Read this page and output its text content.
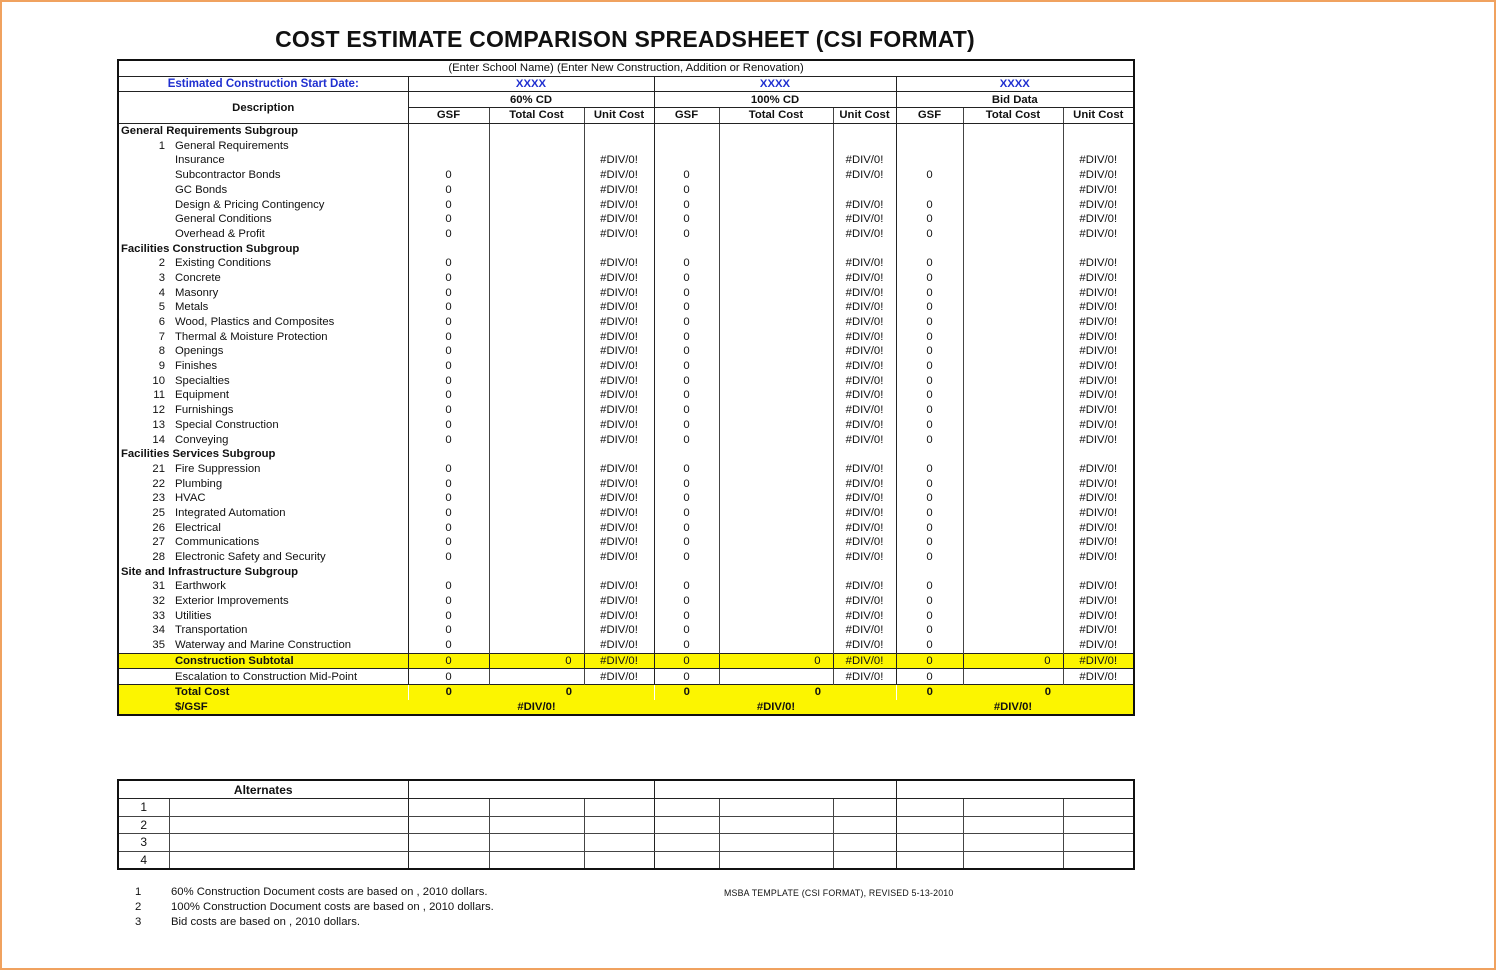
COST ESTIMATE COMPARISON SPREADSHEET (CSI FORMAT)
(Enter School Name) (Enter New Construction, Addition or Renovation)									
Estimated Construction Start Date:	XXXX			XXXX			XXXX		
Description	60% CD			100% CD			Bid Data		
	GSF	Total Cost	Unit Cost	GSF	Total Cost	Unit Cost	GSF	Total Cost	Unit Cost
General Requirements Subgroup									
1 General Requirements									
Insurance			#DIV/0!			#DIV/0!			#DIV/0!
Subcontractor Bonds	0		#DIV/0!	0		#DIV/0!	0		#DIV/0!
GC Bonds	0		#DIV/0!	0					#DIV/0!
Design & Pricing Contingency	0		#DIV/0!	0		#DIV/0!	0		#DIV/0!
General Conditions	0		#DIV/0!	0		#DIV/0!	0		#DIV/0!
Overhead & Profit	0		#DIV/0!	0		#DIV/0!	0		#DIV/0!
Facilities Construction Subgroup									
2 Existing Conditions	0		#DIV/0!	0		#DIV/0!	0		#DIV/0!
3 Concrete	0		#DIV/0!	0		#DIV/0!	0		#DIV/0!
4 Masonry	0		#DIV/0!	0		#DIV/0!	0		#DIV/0!
5 Metals	0		#DIV/0!	0		#DIV/0!	0		#DIV/0!
6 Wood, Plastics and Composites	0		#DIV/0!	0		#DIV/0!	0		#DIV/0!
7 Thermal & Moisture Protection	0		#DIV/0!	0		#DIV/0!	0		#DIV/0!
8 Openings	0		#DIV/0!	0		#DIV/0!	0		#DIV/0!
9 Finishes	0		#DIV/0!	0		#DIV/0!	0		#DIV/0!
10 Specialties	0		#DIV/0!	0		#DIV/0!	0		#DIV/0!
11 Equipment	0		#DIV/0!	0		#DIV/0!	0		#DIV/0!
12 Furnishings	0		#DIV/0!	0		#DIV/0!	0		#DIV/0!
13 Special Construction	0		#DIV/0!	0		#DIV/0!	0		#DIV/0!
14 Conveying	0		#DIV/0!	0		#DIV/0!	0		#DIV/0!
Facilities Services Subgroup									
21 Fire Suppression	0		#DIV/0!	0		#DIV/0!	0		#DIV/0!
22 Plumbing	0		#DIV/0!	0		#DIV/0!	0		#DIV/0!
23 HVAC	0		#DIV/0!	0		#DIV/0!	0		#DIV/0!
25 Integrated Automation	0		#DIV/0!	0		#DIV/0!	0		#DIV/0!
26 Electrical	0		#DIV/0!	0		#DIV/0!	0		#DIV/0!
27 Communications	0		#DIV/0!	0		#DIV/0!	0		#DIV/0!
28 Electronic Safety and Security	0		#DIV/0!	0		#DIV/0!	0		#DIV/0!
Site and Infrastructure Subgroup									
31 Earthwork	0		#DIV/0!	0		#DIV/0!	0		#DIV/0!
32 Exterior Improvements	0		#DIV/0!	0		#DIV/0!	0		#DIV/0!
33 Utilities	0		#DIV/0!	0		#DIV/0!	0		#DIV/0!
34 Transportation	0		#DIV/0!	0		#DIV/0!	0		#DIV/0!
35 Waterway and Marine Construction	0		#DIV/0!	0		#DIV/0!	0		#DIV/0!
Construction Subtotal	0	0	#DIV/0!	0	0	#DIV/0!	0	0	#DIV/0!
Escalation to Construction Mid-Point	0		#DIV/0!	0		#DIV/0!	0		#DIV/0!
Total Cost	0	0		0	0		0	0	
$/GSF		#DIV/0!			#DIV/0!			#DIV/0!	
Alternates										
1										
2										
3										
4										
1	60% Construction Document costs are based on , 2010 dollars.
2	100% Construction Document costs are based on , 2010 dollars.
3	Bid costs are based on , 2010 dollars.
MSBA TEMPLATE (CSI FORMAT), REVISED 5-13-2010
